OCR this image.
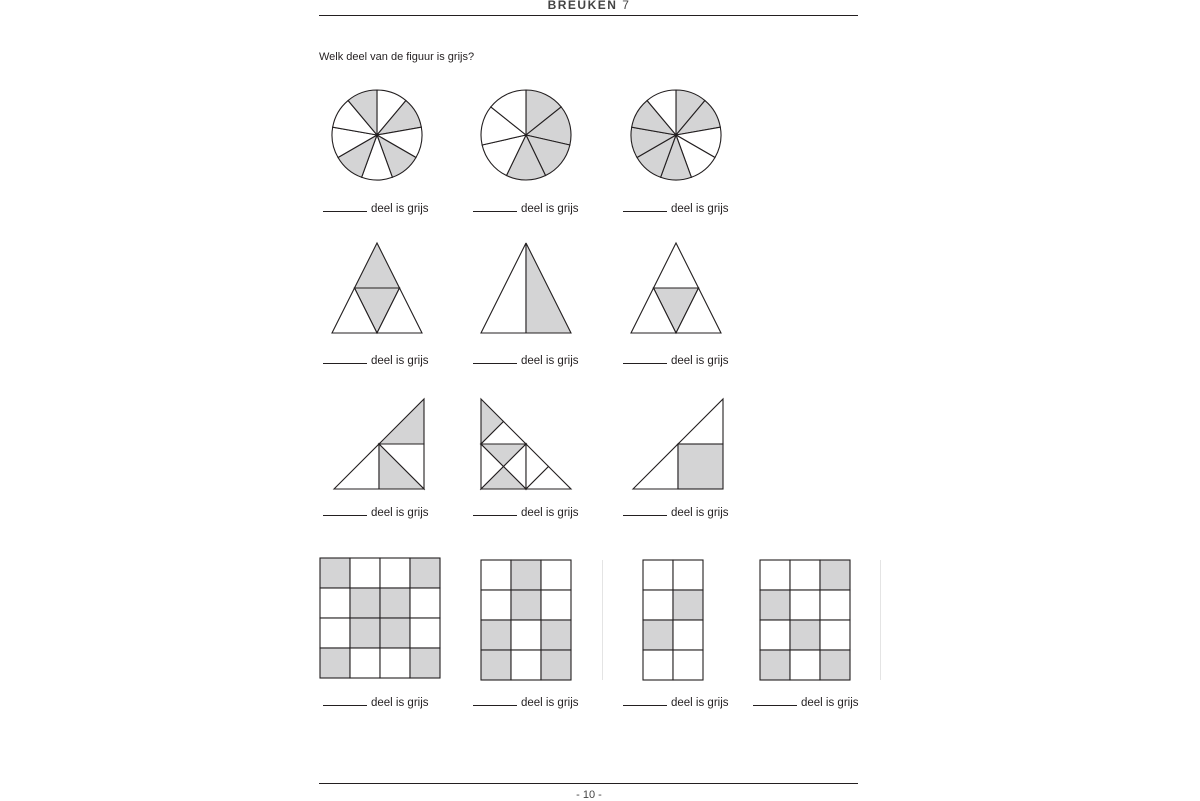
BREUKEN 7
Welk deel van de figuur is grijs?
deel is grijs	deel is grijs	deel is grijs
deel is grijs	deel is grijs	deel is grijs
deel is grijs	deel is grijs	deel is grijs
deel is grijs	deel is grijs	deel is grijs	deel is grijs
- 10 -
